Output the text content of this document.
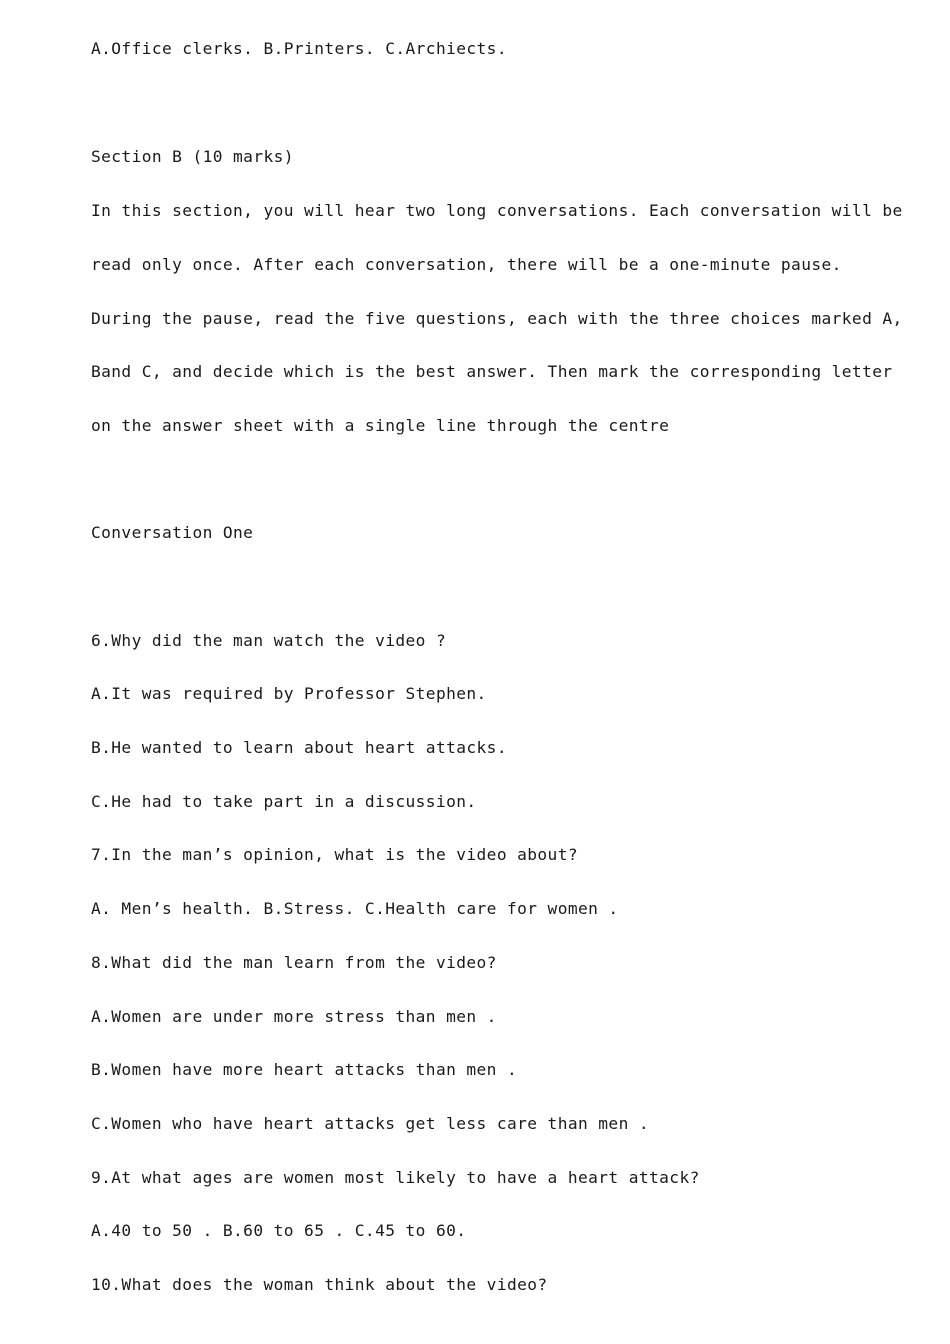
A.Office clerks. B.Printers. C.Archiects.
Section B (10 marks)
In this section, you will hear two long conversations. Each conversation will be
read only once. After each conversation, there will be a one-minute pause.
During the pause, read the five questions, each with the three choices marked A,
Band C, and decide which is the best answer. Then mark the corresponding letter
on the answer sheet with a single line through the centre
Conversation One
6.Why did the man watch the video ?
A.It was required by Professor Stephen.
B.He wanted to learn about heart attacks.
C.He had to take part in a discussion.
7.In the man’s opinion, what is the video about?
A. Men’s health. B.Stress. C.Health care for women .
8.What did the man learn from the video?
A.Women are under more stress than men .
B.Women have more heart attacks than men .
C.Women who have heart attacks get less care than men .
9.At what ages are women most likely to have a heart attack?
A.40 to 50 . B.60 to 65 . C.45 to 60.
10.What does the woman think about the video?
